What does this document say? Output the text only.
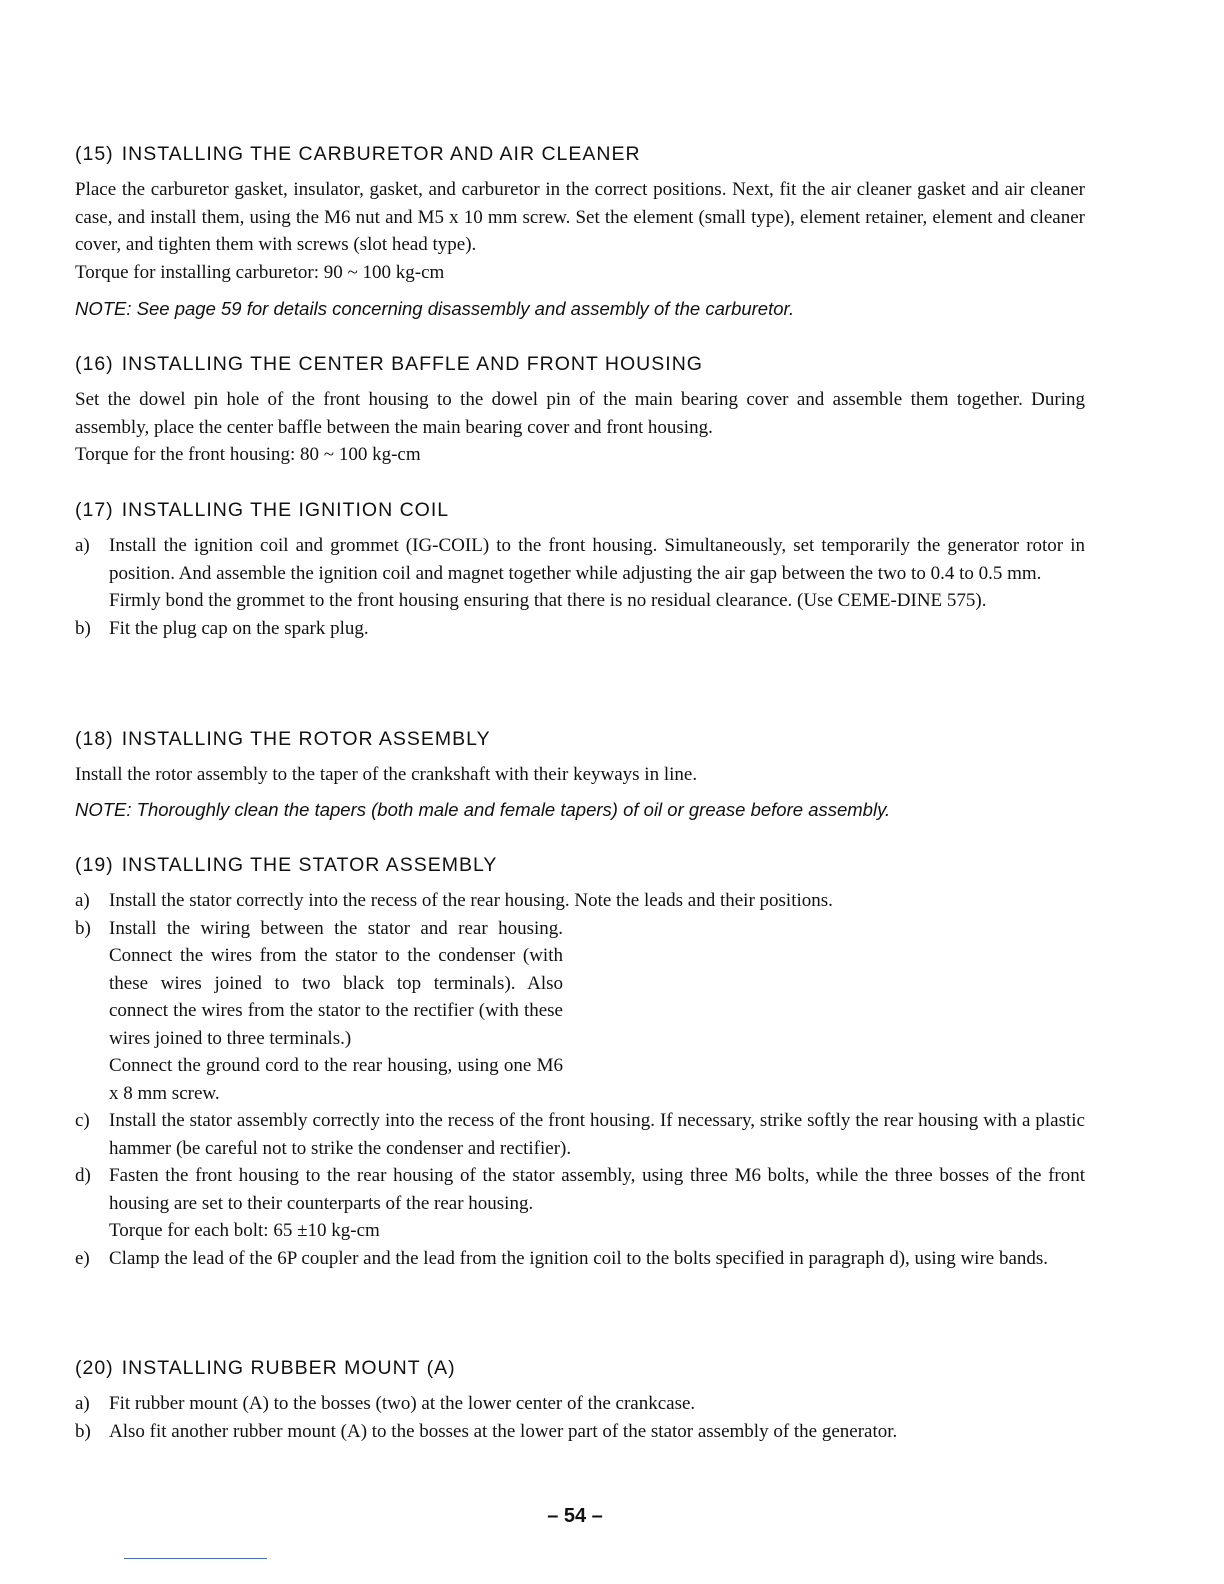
(15) INSTALLING THE CARBURETOR AND AIR CLEANER

Place the carburetor gasket, insulator, gasket, and carburetor in the correct positions. Next, fit the air cleaner gasket and air cleaner case, and install them, using the M6 nut and M5 x 10 mm screw. Set the element (small type), element retainer, element and cleaner cover, and tighten them with screws (slot head type).

Torque for installing carburetor: 90 ~ 100 kg-cm

NOTE: See page 59 for details concerning disassembly and assembly of the carburetor.

(16) INSTALLING THE CENTER BAFFLE AND FRONT HOUSING

Set the dowel pin hole of the front housing to the dowel pin of the main bearing cover and assemble them together. During assembly, place the center baffle between the main bearing cover and front housing.

Torque for the front housing: 80 ~ 100 kg-cm

(17) INSTALLING THE IGNITION COIL

a) Install the ignition coil and grommet (IG-COIL) to the front housing. Simultaneously, set temporarily the generator rotor in position. And assemble the ignition coil and magnet together while adjusting the air gap between the two to 0.4 to 0.5 mm.

Firmly bond the grommet to the front housing ensuring that there is no residual clearance. (Use CEME-DINE 575).

b) Fit the plug cap on the spark plug.

(18) INSTALLING THE ROTOR ASSEMBLY

Install the rotor assembly to the taper of the crankshaft with their keyways in line.

NOTE: Thoroughly clean the tapers (both male and female tapers) of oil or grease before assembly.

(19) INSTALLING THE STATOR ASSEMBLY

a) Install the stator correctly into the recess of the rear housing. Note the leads and their positions.

b) Install the wiring between the stator and rear housing. Connect the wires from the stator to the condenser (with these wires joined to two black top terminals). Also connect the wires from the stator to the rectifier (with these wires joined to three terminals.)

Connect the ground cord to the rear housing, using one M6 x 8 mm screw.

c) Install the stator assembly correctly into the recess of the front housing. If necessary, strike softly the rear housing with a plastic hammer (be careful not to strike the condenser and rectifier).

d) Fasten the front housing to the rear housing of the stator assembly, using three M6 bolts, while the three bosses of the front housing are set to their counterparts of the rear housing.

Torque for each bolt: 65 ±10 kg-cm

e) Clamp the lead of the 6P coupler and the lead from the ignition coil to the bolts specified in paragraph d), using wire bands.

(20) INSTALLING RUBBER MOUNT (A)

a) Fit rubber mount (A) to the bosses (two) at the lower center of the crankcase.

b) Also fit another rubber mount (A) to the bosses at the lower part of the stator assembly of the generator.

– 54 –
